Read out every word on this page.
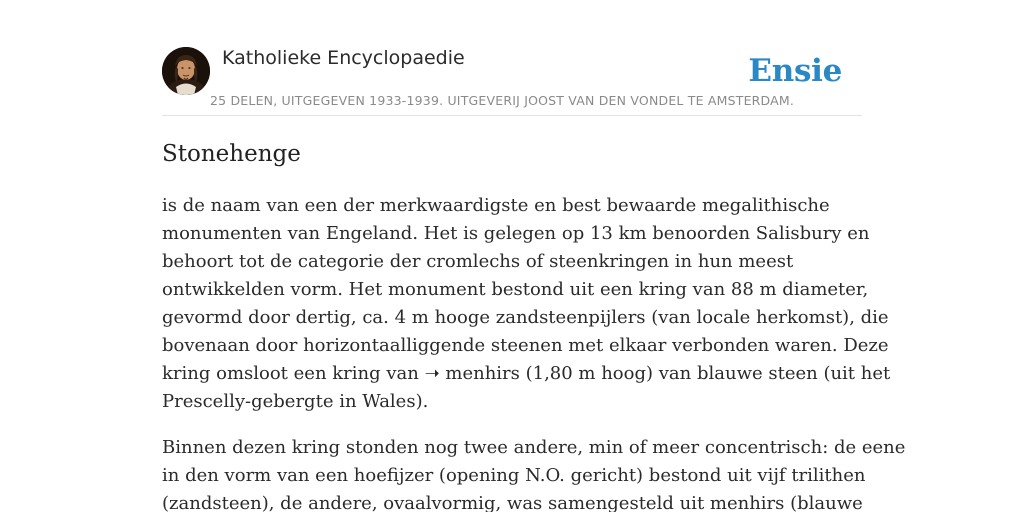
Katholieke Encyclopaedie
25 DELEN, UITGEGEVEN 1933-1939. UITGEVERIJ JOOST VAN DEN VONDEL TE AMSTERDAM.
Ensie
Stonehenge

is de naam van een der merkwaardigste en best bewaarde megalithische
monumenten van Engeland. Het is gelegen op 13 km benoorden Salisbury en
behoort tot de categorie der cromlechs of steenkringen in hun meest
ontwikkelden vorm. Het monument bestond uit een kring van 88 m diameter,
gevormd door dertig, ca. 4 m hooge zandsteenpijlers (van locale herkomst), die
bovenaan door horizontaalliggende steenen met elkaar verbonden waren. Deze
kring omsloot een kring van ➝ menhirs (1,80 m hoog) van blauwe steen (uit het
Prescelly-gebergte in Wales).

Binnen dezen kring stonden nog twee andere, min of meer concentrisch: de eene
in den vorm van een hoefijzer (opening N.O. gericht) bestond uit vijf trilithen
(zandsteen), de andere, ovaalvormig, was samengesteld uit menhirs (blauwe
